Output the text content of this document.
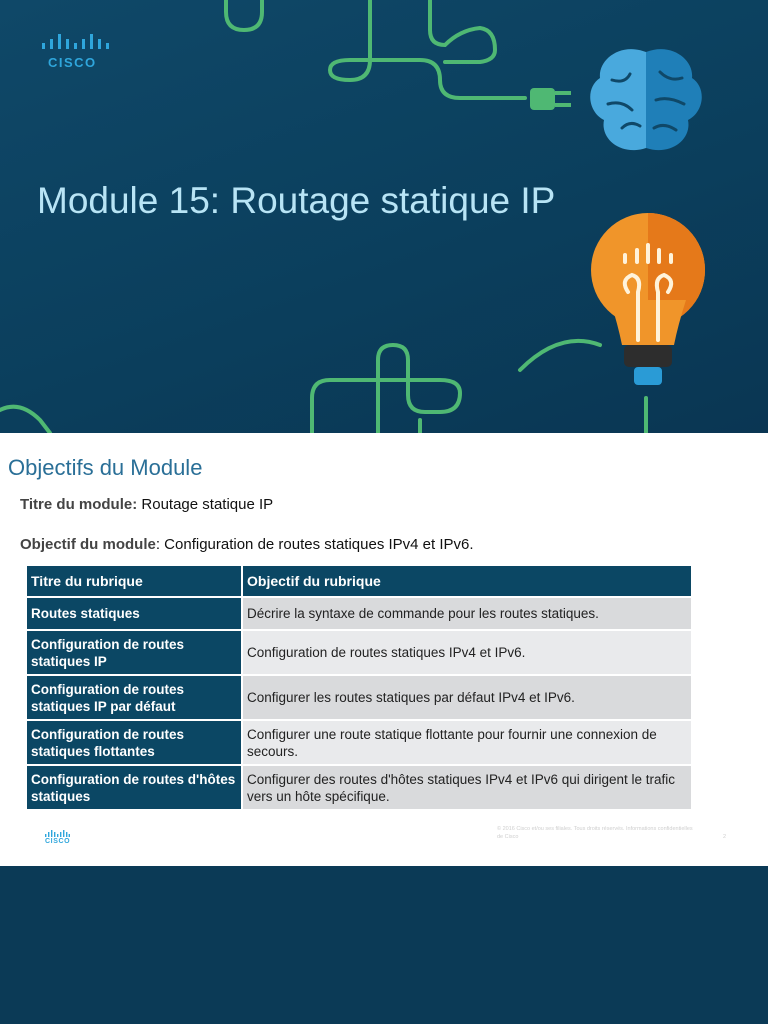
CISCO
Module 15: Routage statique IP
Objectifs du Module
Titre du module: Routage statique IP
Objectif du module: Configuration de routes statiques IPv4 et IPv6.
Titre du rubrique	Objectif du rubrique
Routes statiques	Décrire la syntaxe de commande pour les routes statiques.
Configuration de routes statiques IP	Configuration de routes statiques IPv4 et IPv6.
Configuration de routes statiques IP par défaut	Configurer les routes statiques par défaut IPv4 et IPv6.
Configuration de routes statiques flottantes	Configurer une route statique flottante pour fournir une connexion de secours.
Configuration de routes d'hôtes statiques	Configurer des routes d'hôtes statiques IPv4 et IPv6 qui dirigent le trafic vers un hôte spécifique.
CISCO
© 2016 Cisco et/ou ses filiales. Tous droits réservés. Informations confidentielles de Cisco	2
